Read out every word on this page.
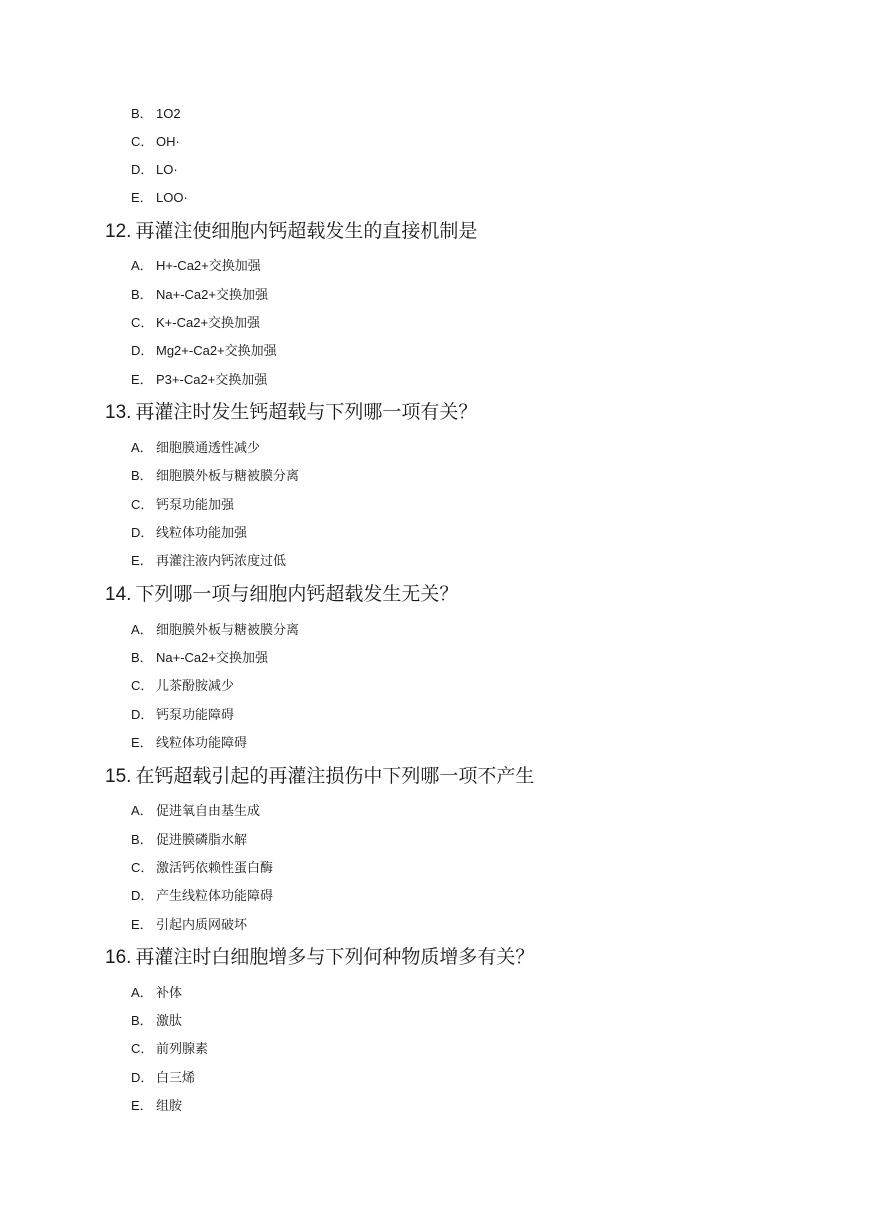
B． 1O2
C． OH·
D． LO·
E． LOO·
12. 再灌注使细胞内钙超载发生的直接机制是
A． H+-Ca2+交换加强
B． Na+-Ca2+交换加强
C． K+-Ca2+交换加强
D． Mg2+-Ca2+交换加强
E． P3+-Ca2+交换加强
13. 再灌注时发生钙超载与下列哪一项有关？
A． 细胞膜通透性减少
B． 细胞膜外板与糖被膜分离
C． 钙泵功能加强
D． 线粒体功能加强
E． 再灌注液内钙浓度过低
14. 下列哪一项与细胞内钙超载发生无关？
A． 细胞膜外板与糖被膜分离
B． Na+-Ca2+交换加强
C． 儿茶酚胺减少
D． 钙泵功能障碍
E． 线粒体功能障碍
15. 在钙超载引起的再灌注损伤中下列哪一项不产生
A． 促进氧自由基生成
B． 促进膜磷脂水解
C． 激活钙依赖性蛋白酶
D． 产生线粒体功能障碍
E． 引起内质网破坏
16. 再灌注时白细胞增多与下列何种物质增多有关？
A． 补体
B． 激肽
C． 前列腺素
D． 白三烯
E． 组胺
